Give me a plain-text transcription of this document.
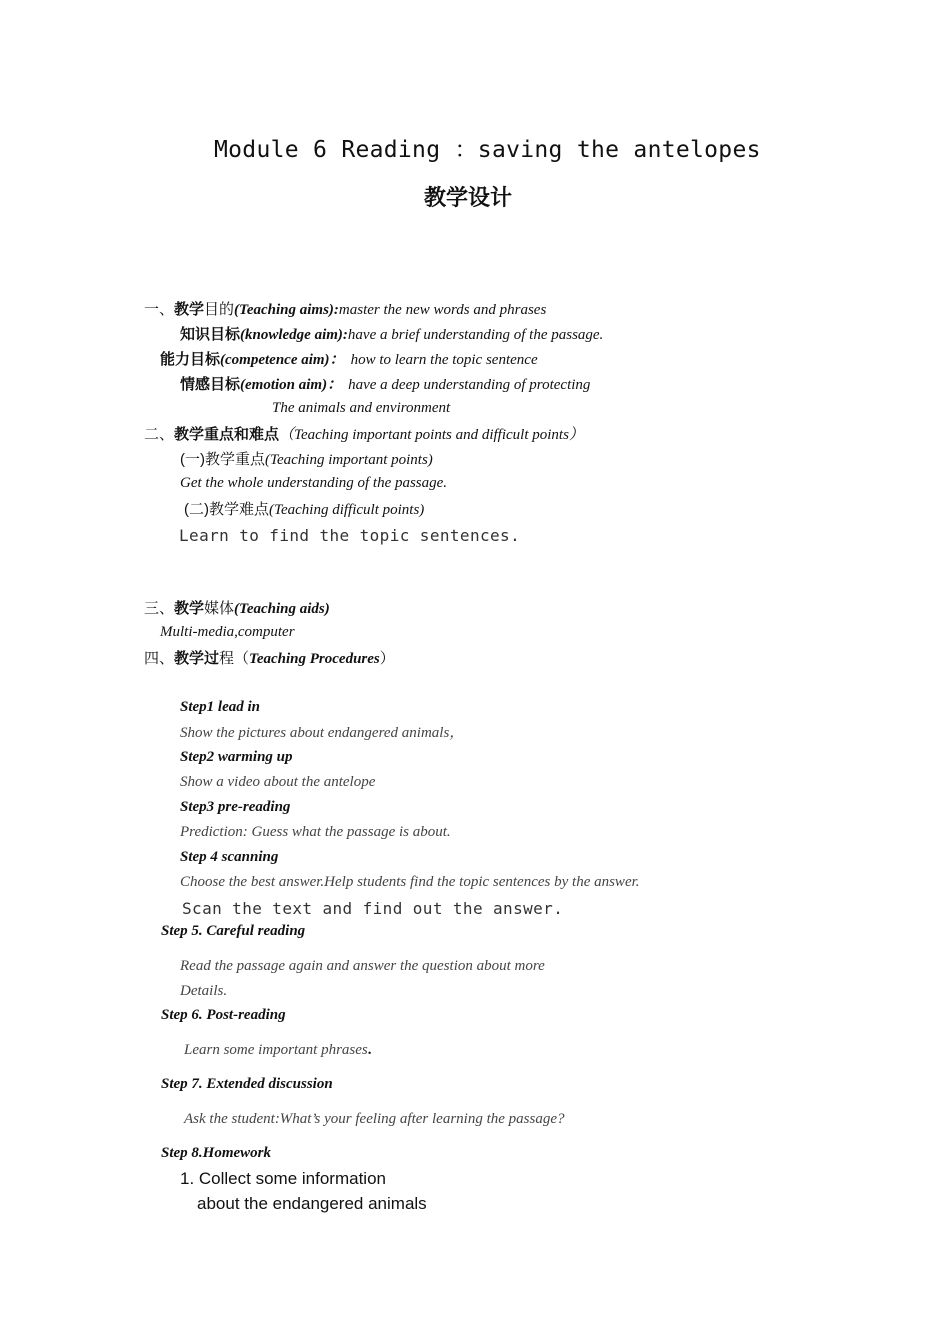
Module 6 Reading ：saving the antelopes
教学设计
一、教学目的(Teaching aims):master the new words and phrases
知识目标(knowledge aim):have a brief understanding of the passage.
能力目标(competence aim)： how to learn the topic sentence
情感目标(emotion aim)： have a deep understanding of protecting
The animals and environment
二、教学重点和难点（Teaching important points and difficult points）
(一)教学重点(Teaching important points)
Get the whole understanding of the passage.
(二)教学难点(Teaching difficult points)
Learn to find the topic sentences.
三、教学媒体(Teaching aids)
Multi-media,computer
四、教学过程（Teaching Procedures）
Step1 lead in
Show the pictures about endangered animals，
Step2 warming up
Show a video about the antelope
Step3 pre-reading
Prediction: Guess what the passage is about.
Step 4 scanning
Choose the best answer.Help students find the topic sentences by the answer.
Scan the text and find out the answer.
Step 5. Careful reading
Read the passage again and answer the question about more
Details.
Step 6. Post-reading
Learn some important phrases.
Step 7. Extended discussion
Ask the student:What’s your feeling after learning the passage?
Step 8.Homework
1. Collect some information
about the endangered animals
